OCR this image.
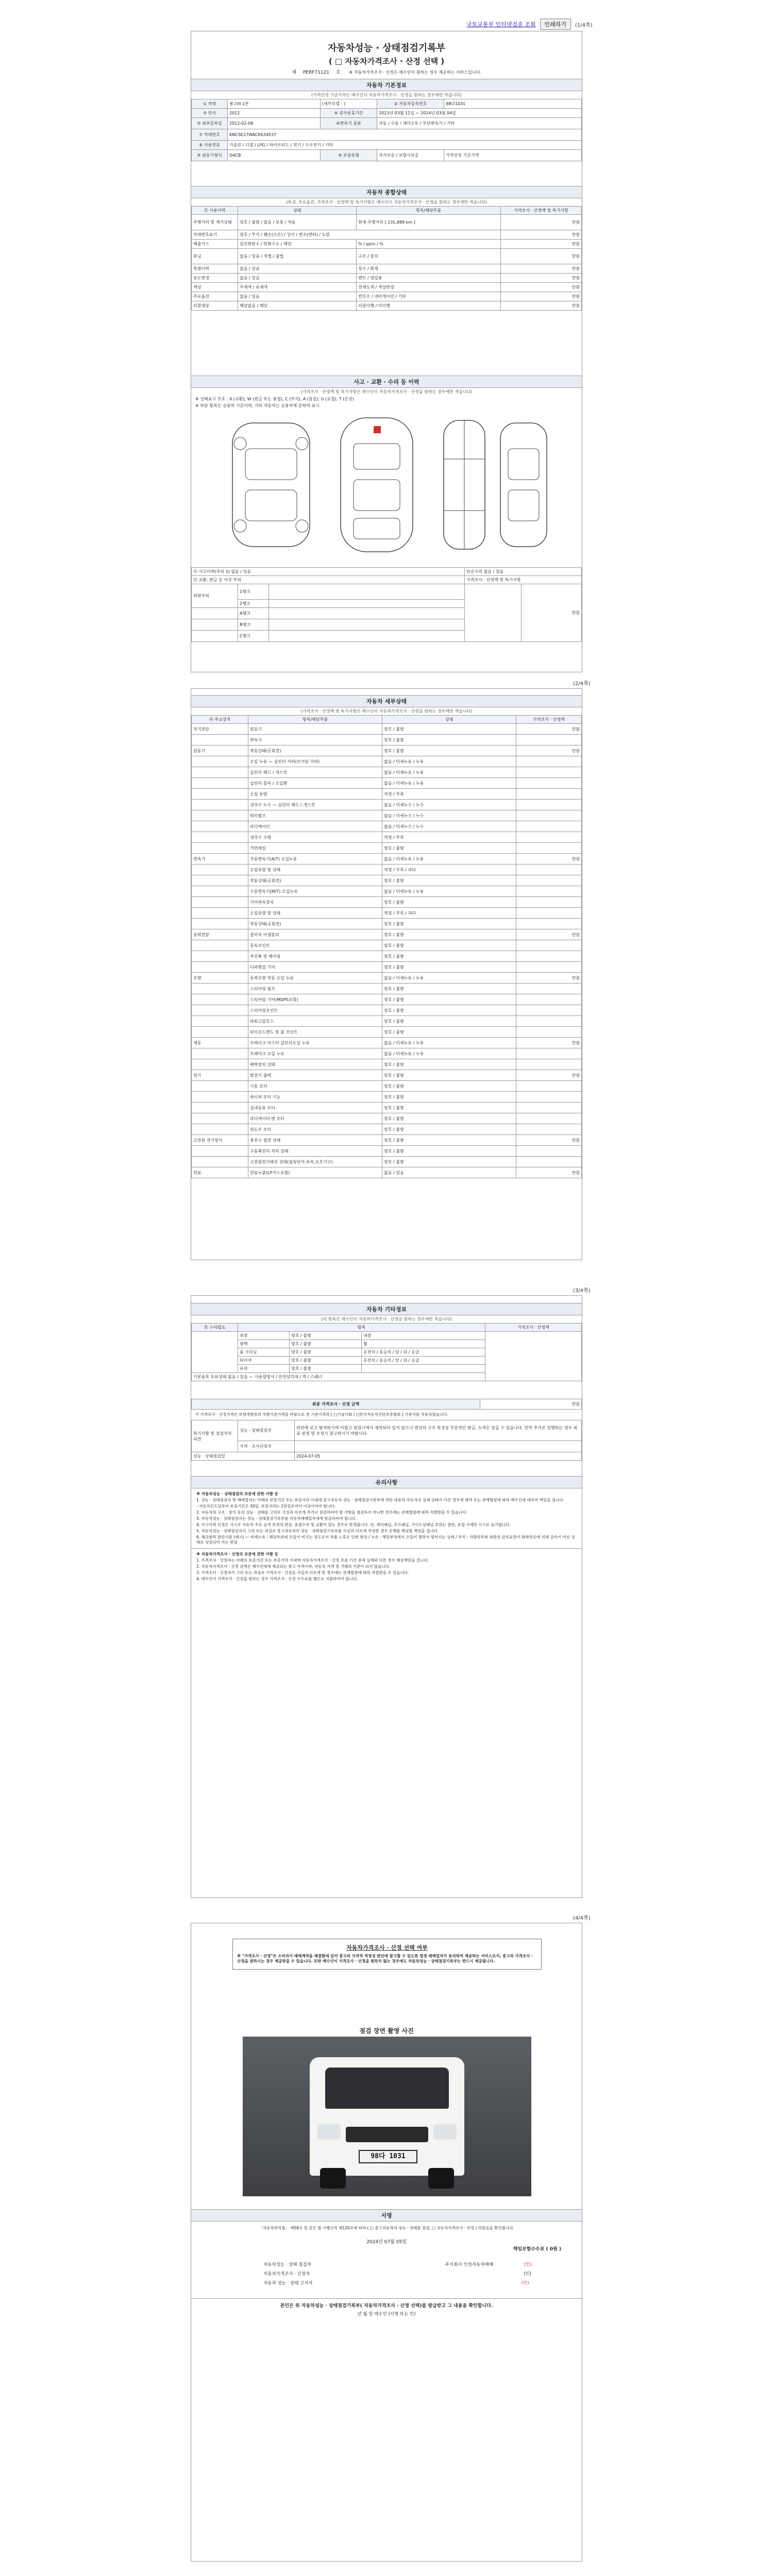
국토교통부 인터넷검증 조회	인쇄하기	(1/4쪽)
자동차성능 · 상태점검기록부
( □ 자동차가격조사 · 산정 선택 )
제 PERF71121 호 ※ 자동차가격조사 · 산정은 매수인이 원하는 경우 제공하는 서비스입니다.
자동차 기본정보
(가격산정 기준가격은 매수인이 자동차가격조사 · 산정을 원하는 경우에만 적습니다)
① 차명	봉고III 1톤	(세부모델 : )	② 자동차등록번호	98다1031
③ 연식	2012	④ 검사유효기간	2023년 03월 11일 ~ 2024년 03월 04일	
⑤ 최초등록일	2012-02-09	⑥변속기 종류	자동 / 수동 / 세미오토 / 무단변속기 / 기타	
⑦ 차대번호	KNCSE27WACK634537			
⑧ 사용연료	가솔린 / 디젤 / LPG / 하이브리드 / 전기 / 수소전기 / 기타			
⑨ 원동기형식	D4CB	⑩ 보증유형	자가보증 / 보험사보증	가격산정 기준가격
자동차 종합상태
(특성, 주요옵션, 가격조사 · 산정액 및 특기사항은 매수인이 자동차가격조사 · 산정을 원하는 경우에만 적습니다)
⑪ 사용이력	상태	항목/해당부품	가격조사 · 산정액 및 특기사항
주행거리 및 계기상태	양호 / 불량 / 많음 / 보통 / 적음	현재 주행거리 [ 231,888 km ]	만원
차대번호표기	양호 / 부식 / 훼손(오손) / 상이 / 변조(변타) / 도말		만원
배출가스	일산화탄소 / 탄화수소 / 매연	% / ppm / %	만원
튜닝	없음 / 있음 / 적법 / 불법	구조 / 장치	만원
특별이력	없음 / 있음	침수 / 화재	만원
용도변경	없음 / 있음	렌트 / 영업용	만원
색상	무채색 / 유채색	전체도색 / 색상변경	만원
주요옵션	없음 / 있음	썬루프 / 네비게이션 / 기타	만원
리콜대상	해당없음 / 해당	리콜이행 / 미이행	만원
사고 · 교환 · 수리 등 이력
(가격조사 · 산정액 및 특기사항은 매수인이 자동차가격조사 · 산정을 원하는 경우에만 적습니다)
※ 상태표시 부호 : X (교환), W (판금 또는 용접), C (부식), A (흠집), U (요철), T (손상)
※ 하단 항목은 승용차 기준이며, 기타 자동차는 승용차에 준하여 표시
⑫ 사고이력(주의 1) 없음 / 있음			단순수리 없음 / 있음	
⑬ 교환, 판금 등 이상 부위			가격조사 · 산정액 및 특기사항	
외판부위	1랭크			만원
	2랭크			
	A랭크			
	B랭크			
	C랭크			
(2/4쪽)
자동차 세부상태
(가격조사 · 산정액 및 특기사항은 매수인이 자동차가격조사 · 산정을 원하는 경우에만 적습니다)
⑭ 주요장치	항목/해당부품	상태	가격조사 · 산정액
자기진단	원동기	양호 / 불량	만원
	변속기	양호 / 불량	
원동기	작동상태(공회전)	양호 / 불량	만원
	오일 누유 — 실린더 커버(로커암 커버)	없음 / 미세누유 / 누유	
	실린더 헤드 / 개스킷	없음 / 미세누유 / 누유	
	실린더 블록 / 오일팬	없음 / 미세누유 / 누유	
	오일 유량	적정 / 부족	
	냉각수 누수 — 실린더 헤드 / 개스킷	없음 / 미세누수 / 누수	
	워터펌프	없음 / 미세누수 / 누수	
	라디에이터	없음 / 미세누수 / 누수	
	냉각수 수량	적정 / 부족	
	커먼레일	양호 / 불량	
변속기	자동변속기(A/T) 오일누유	없음 / 미세누유 / 누유	만원
	오일유량 및 상태	적정 / 부족 / 과다	
	작동상태(공회전)	양호 / 불량	
	수동변속기(M/T) 오일누유	없음 / 미세누유 / 누유	
	기어변속장치	양호 / 불량	
	오일유량 및 상태	적정 / 부족 / 과다	
	작동상태(공회전)	양호 / 불량	
동력전달	클러치 어셈블리	양호 / 불량	만원
	등속조인트	양호 / 불량	
	추진축 및 베어링	양호 / 불량	
	디퍼렌셜 기어	양호 / 불량	
조향	동력조향 작동 오일 누유	없음 / 미세누유 / 누유	만원
	스티어링 펌프	양호 / 불량	
	스티어링 기어(MDPS포함)	양호 / 불량	
	스티어링조인트	양호 / 불량	
	파워고압호스	양호 / 불량	
	타이로드엔드 및 볼 조인트	양호 / 불량	
제동	브레이크 마스터 실린더오일 누유	없음 / 미세누유 / 누유	만원
	브레이크 오일 누유	없음 / 미세누유 / 누유	
	배력장치 상태	양호 / 불량	
전기	발전기 출력	양호 / 불량	만원
	시동 모터	양호 / 불량	
	와이퍼 모터 기능	양호 / 불량	
	실내송풍 모터	양호 / 불량	
	라디에이터 팬 모터	양호 / 불량	
	윈도우 모터	양호 / 불량	
고전원 전기장치	충전구 절연 상태	양호 / 불량	만원
	구동축전지 격리 상태	양호 / 불량	
	고전원전기배선 상태(접속단자,피복,보호기구)	양호 / 불량	
연료	연료누출(LP가스포함)	없음 / 있음	만원
(3/4쪽)
자동차 기타정보
(각 항목은 매수인이 자동차가격조사 · 산정을 원하는 경우에만 적습니다)
⑮ 수리필요	항목			가격조사 · 산정액
	외장	양호 / 불량	내장	
	광택	양호 / 불량	휠	
	룸 크리닝	양호 / 불량	운전석 / 동승석 / 앞 / 뒤 / 응급	
	타이어	양호 / 불량	운전석 / 동승석 / 앞 / 뒤 / 응급	
	유리	양호 / 불량		
기본품목 보유상태 없음 / 있음 — 사용설명서 / 안전삼각대 / 잭 / 스패너				
최종 가격조사 · 산정 금액	만원

이 가격조사 · 산정가격은 보험개발원의 차량기준가액을 바탕으로 한 기준가격과 [ □기술사회 / □한국자동차진단보증협회 ] 기준서를 적용하였습니다.

특기사항 및 점검자의 의견	성능 · 상태점검자	외관에 보고 탐색하기에 어렵고 점검시에서 제작되어 있지 않으나 엔진의 구조 특성상 부분적인 판금, 도색은 있을 수 있습니다. 만약 추가로 진행하는 경우 최종 판정 및 조정시 참고하시기 바랍니다.
	가격 · 조사산정자	
성능 · 상태점검일		2024-07-05
유의사항

※ 자동차성능 · 상태점검의 보증에 관한 사항 등

1. 성능 · 상태점검자 및 매매업자는 아래의 보증기간 또는 보증거리 이내에 중고자동차 성능 · 상태점검기록부에 적힌 내용과 자동차의 실제 상태가 다른 경우에 계약 또는 관계법령에 따라 매수인에 대하여 책임을 집니다.

- 자동차인도일부터 보증기간은 30일, 보증거리는 2천킬로미터 이상이어야 합니다.

2. 자동차의 구조 · 장치 등의 성능 · 상태를 고의로 사실과 다르게 적거나 점검하여야 할 사항을 점검하지 아니한 경우에는 관계법령에 따라 처벌받을 수 있습니다.

3. 자동차성능 · 상태점검자는 성능 · 상태점검기록부를 자동차매매업자에게 발급하여야 합니다.

4. 사고이력 인정은 사고로 자동차 주요 골격 부위의 판금, 용접수리 및 교환이 있는 경우로 한정합니다. 단, 쿼터패널, 루프패널, 사이드실패널 부위는 절단, 용접 시에만 사고로 표기합니다.

5. 자동차성능 · 상태점검자가 고의 또는 과실로 중고자동차의 성능 · 상태점검기록부를 사실과 다르게 작성한 경우 손해를 배상할 책임을 집니다.

6. 체크항목 판단기준 (예시) — 미세누유 : 해당부위에 오일이 비치는 정도로서 부품 노후로 인한 현상 / 누유 : 해당부위에서 오일이 맺혀서 떨어지는 상태 / 부식 : 차량하부와 외판의 금속표면이 화학반응에 의해 금속이 아닌 상태로 상실되어 가는 현상

※ 자동차가격조사 · 산정의 보증에 관한 사항 등

1. 가격조사 · 산정자는 아래의 보증기간 또는 보증거리 이내에 자동차가격조사 · 산정 보증 기간 중에 실제와 다른 경우 배상책임을 집니다.

2. 자동차가격조사 · 산정 금액은 매수인에게 제공되는 참고 가격이며, 자동차 가격 및 거래의 기준이 되지 않습니다.

3. 가격조사 · 산정자가 고의 또는 과실로 가격조사 · 산정을 사실과 다르게 한 경우에는 관계법령에 따라 처벌받을 수 있습니다.

4. 매수인이 가격조사 · 산정을 원하는 경우 가격조사 · 산정 수수료를 별도로 지불하여야 합니다.

(4/4쪽)
자동차가격조사 · 산정 선택 여부

※ "가격조사 · 산정"은 소비자가 매매계약을 체결함에 있어 중고차 가격적 적정성 판단에 참고할 수 있도록 법정 매매업자가 동의하여 제공하는 서비스로서, 중고차 가격조사 · 산정을 원하시는 경우 제공받을 수 있습니다. 또한 매수인이 가격조사 · 산정을 원하지 않는 경우에도 자동차성능 · 상태점검기록부는 반드시 제공됩니다.

점검 장면 촬영 사진
98다 1031
서명

「자동차관리법」 제58조 및 같은 법 시행규칙 제120조에 따라 ( □ 중고자동차의 성능 · 상태를 점검, □ 자동차가격조사 · 산정 ) 하였음을 확인합니다.

2024년 07월 05일
책임보험수수료 ( 0원 )
자동차성능 · 상태 점검자	주식회사 인천자동차매매	(인)
자동차가격조사 · 산정자	(인)
자동차 성능 · 상태 고지자	(인)
본인은 위 자동차성능 · 상태점검기록부( 자동차가격조사 · 산정 선택)를 발급받고 그 내용을 확인합니다.
년 월 일 매수인 (서명 또는 인)
